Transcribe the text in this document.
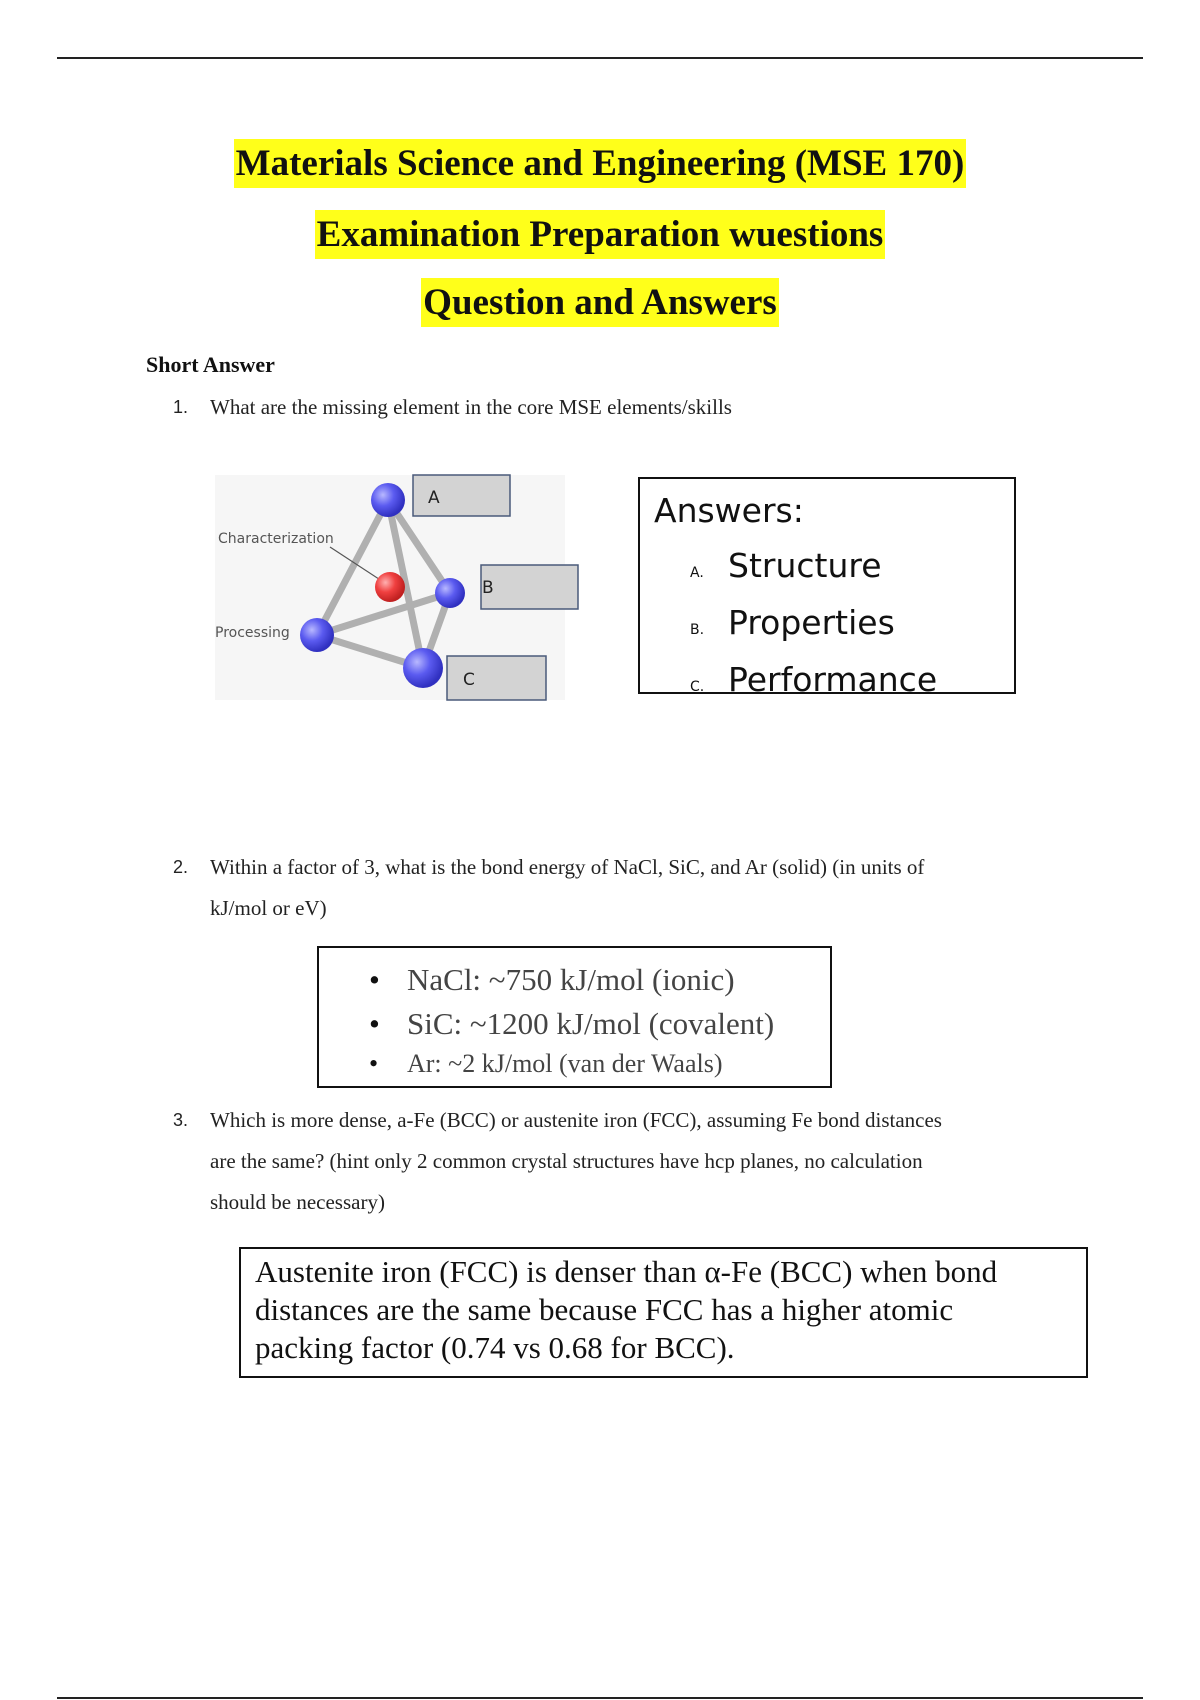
Materials Science and Engineering (MSE 170)
Examination Preparation wuestions
Question and Answers
Short Answer
1. What are the missing element in the core MSE elements/skills
Characterization
Processing
A
B
C
Answers:
A. Structure
B. Properties
C. Performance
2. Within a factor of 3, what is the bond energy of NaCl, SiC, and Ar (solid) (in units of
kJ/mol or eV)
• NaCl: ~750 kJ/mol (ionic)
• SiC: ~1200 kJ/mol (covalent)
• Ar: ~2 kJ/mol (van der Waals)
3. Which is more dense, a-Fe (BCC) or austenite iron (FCC), assuming Fe bond distances
are the same? (hint only 2 common crystal structures have hcp planes, no calculation
should be necessary)
Austenite iron (FCC) is denser than α-Fe (BCC) when bond
distances are the same because FCC has a higher atomic
packing factor (0.74 vs 0.68 for BCC).
